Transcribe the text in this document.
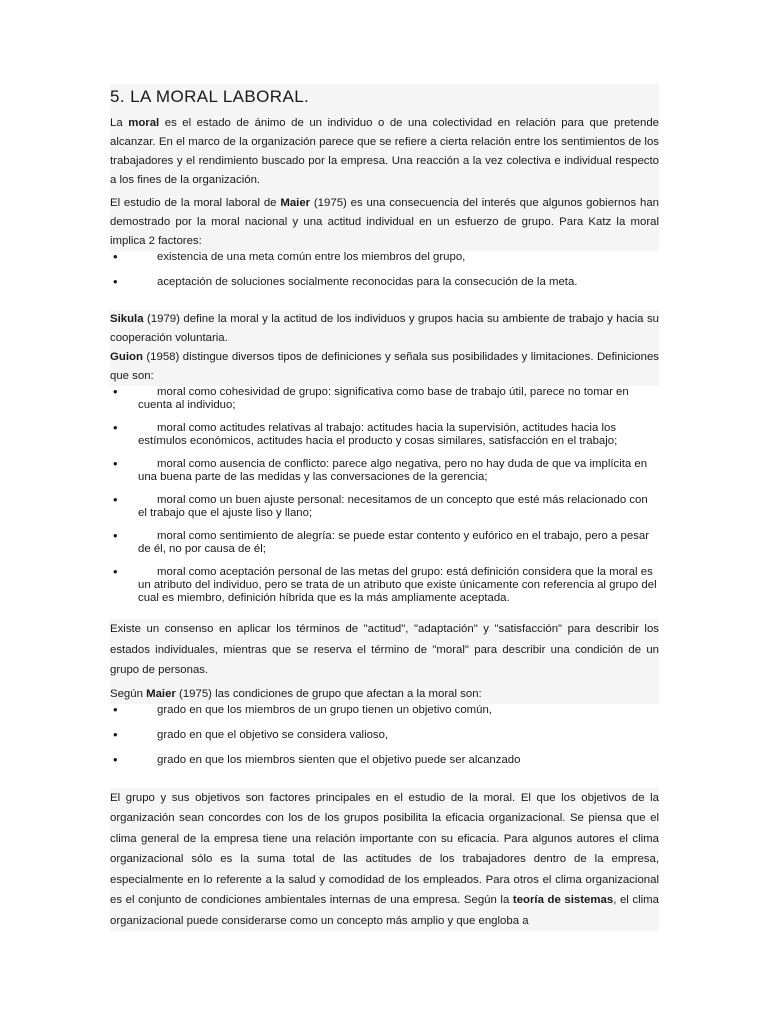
5. LA MORAL LABORAL.

La moral es el estado de ánimo de un individuo o de una colectividad en relación para que pretende alcanzar. En el marco de la organización parece que se refiere a cierta relación entre los sentimientos de los trabajadores y el rendimiento buscado por la empresa. Una reacción a la vez colectiva e individual respecto a los fines de la organización.

El estudio de la moral laboral de Maier (1975) es una consecuencia del interés que algunos gobiernos han demostrado por la moral nacional y una actitud individual en un esfuerzo de grupo. Para Katz la moral implica 2 factores:

•	existencia de una meta común entre los miembros del grupo,
•	aceptación de soluciones socialmente reconocidas para la consecución de la meta.

Sikula (1979) define la moral y la actitud de los individuos y grupos hacia su ambiente de trabajo y hacia su cooperación voluntaria.

Guion (1958) distingue diversos tipos de definiciones y señala sus posibilidades y limitaciones. Definiciones que son:

•	moral como cohesividad de grupo: significativa como base de trabajo útil, parece no tomar en cuenta al individuo;
•	moral como actitudes relativas al trabajo: actitudes hacia la supervisión, actitudes hacia los estímulos económicos, actitudes hacia el producto y cosas similares, satisfacción en el trabajo;
•	moral como ausencia de conflicto: parece algo negativa, pero no hay duda de que va implícita en una buena parte de las medidas y las conversaciones de la gerencia;
•	moral como un buen ajuste personal: necesitamos de un concepto que esté más relacionado con el trabajo que el ajuste liso y llano;
•	moral como sentimiento de alegría: se puede estar contento y eufórico en el trabajo, pero a pesar de él, no por causa de él;
•	moral como aceptación personal de las metas del grupo: está definición considera que la moral es un atributo del individuo, pero se trata de un atributo que existe únicamente con referencia al grupo del cual es miembro, definición híbrida que es la más ampliamente aceptada.

Existe un consenso en aplicar los términos de "actitud", "adaptación" y "satisfacción" para describir los estados individuales, mientras que se reserva el término de "moral" para describir una condición de un grupo de personas.

Según Maier (1975) las condiciones de grupo que afectan a la moral son:

•	grado en que los miembros de un grupo tienen un objetivo común,
•	grado en que el objetivo se considera valioso,
•	grado en que los miembros sienten que el objetivo puede ser alcanzado

El grupo y sus objetivos son factores principales en el estudio de la moral. El que los objetivos de la organización sean concordes con los de los grupos posibilita la eficacia organizacional. Se piensa que el clima general de la empresa tiene una relación importante con su eficacia. Para algunos autores el clima organizacional sólo es la suma total de las actitudes de los trabajadores dentro de la empresa, especialmente en lo referente a la salud y comodidad de los empleados. Para otros el clima organizacional es el conjunto de condiciones ambientales internas de una empresa. Según la teoría de sistemas, el clima organizacional puede considerarse como un concepto más amplio y que engloba a
